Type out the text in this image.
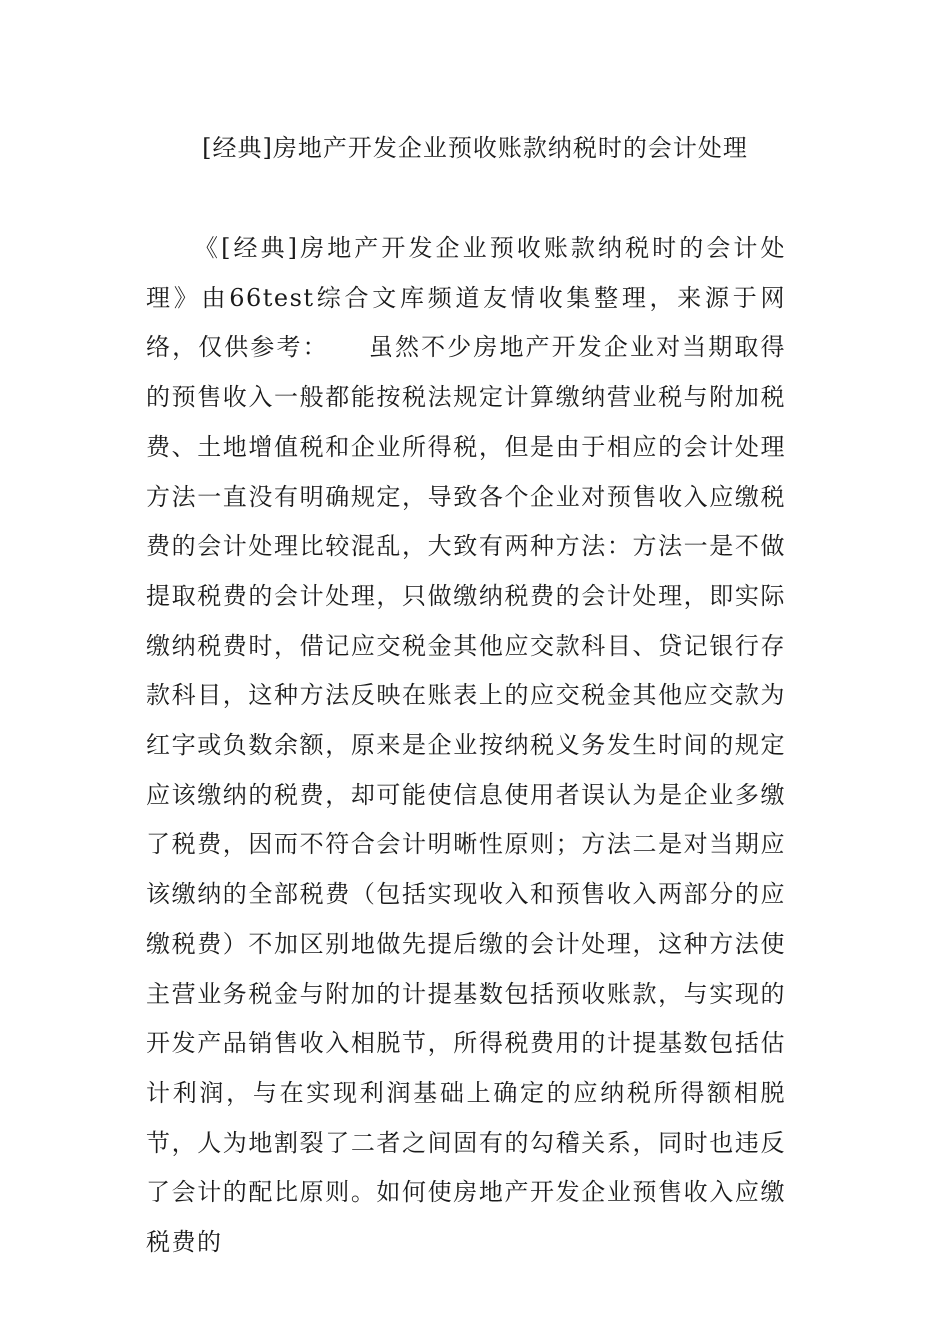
[经典]房地产开发企业预收账款纳税时的会计处理

《[经典]房地产开发企业预收账款纳税时的会计处理》由66test综合文库频道友情收集整理，来源于网络，仅供参考：　　虽然不少房地产开发企业对当期取得的预售收入一般都能按税法规定计算缴纳营业税与附加税费、土地增值税和企业所得税，但是由于相应的会计处理方法一直没有明确规定，导致各个企业对预售收入应缴税费的会计处理比较混乱，大致有两种方法：方法一是不做提取税费的会计处理，只做缴纳税费的会计处理，即实际缴纳税费时，借记应交税金其他应交款科目、贷记银行存款科目，这种方法反映在账表上的应交税金其他应交款为红字或负数余额，原来是企业按纳税义务发生时间的规定应该缴纳的税费，却可能使信息使用者误认为是企业多缴了税费，因而不符合会计明晰性原则；方法二是对当期应该缴纳的全部税费（包括实现收入和预售收入两部分的应缴税费）不加区别地做先提后缴的会计处理，这种方法使主营业务税金与附加的计提基数包括预收账款，与实现的开发产品销售收入相脱节，所得税费用的计提基数包括估计利润，与在实现利润基础上确定的应纳税所得额相脱节，人为地割裂了二者之间固有的勾稽关系，同时也违反了会计的配比原则。如何使房地产开发企业预售收入应缴税费的
